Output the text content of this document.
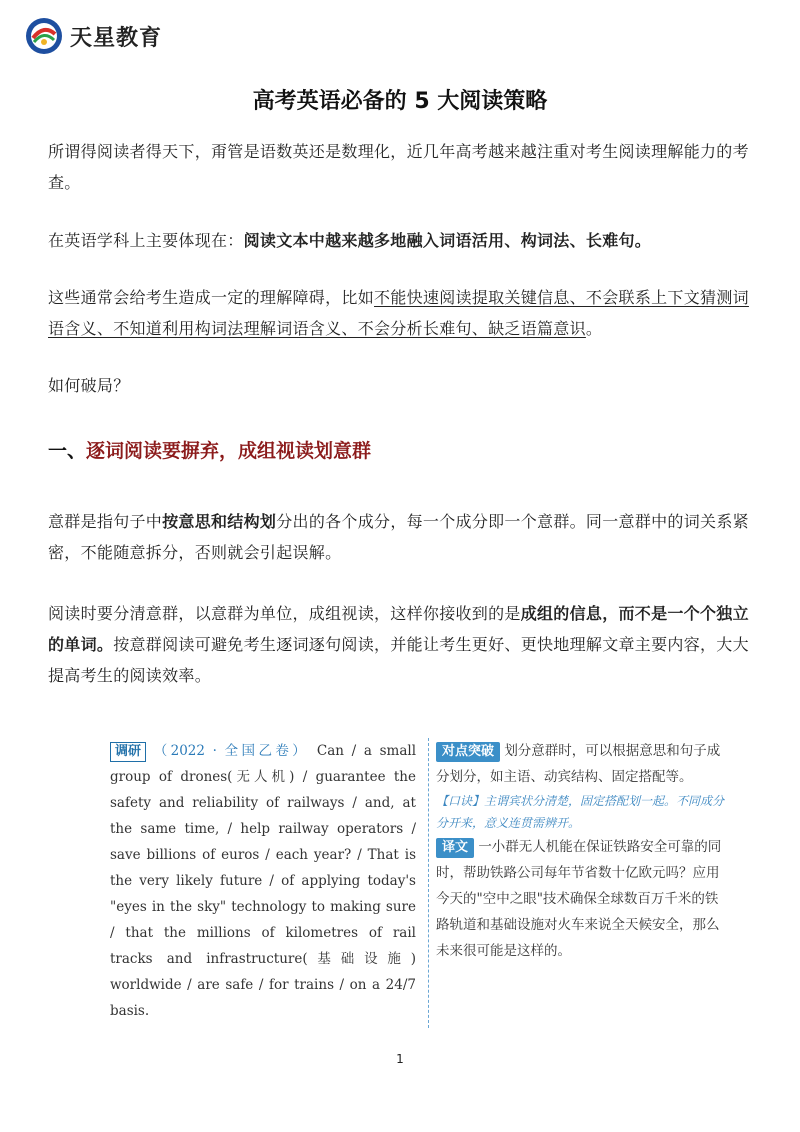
天星教育
高考英语必备的 5 大阅读策略
所谓得阅读者得天下，甭管是语数英还是数理化，近几年高考越来越注重对考生阅读理解能力的考查。
在英语学科上主要体现在：阅读文本中越来越多地融入词语活用、构词法、长难句。
这些通常会给考生造成一定的理解障碍，比如不能快速阅读提取关键信息、不会联系上下文猜测词语含义、不知道利用构词法理解词语含义、不会分析长难句、缺乏语篇意识。
如何破局？
一、逐词阅读要摒弃，成组视读划意群
意群是指句子中按意思和结构划分出的各个成分，每一个成分即一个意群。同一意群中的词关系紧密，不能随意拆分，否则就会引起误解。
阅读时要分清意群，以意群为单位，成组视读，这样你接收到的是成组的信息，而不是一个个独立的单词。按意群阅读可避免考生逐词逐句阅读，并能让考生更好、更快地理解文章主要内容，大大提高考生的阅读效率。
调研 （2022 · 全国乙卷） Can / a small group of drones(无人机) / guarantee the safety and reliability of railways / and, at the same time, / help railway operators / save billions of euros / each year? / That is the very likely future / of applying today's "eyes in the sky" technology to making sure / that the millions of kilometres of rail tracks and infrastructure(基础设施) worldwide / are safe / for trains / on a 24/7 basis.
对点突破 划分意群时，可以根据意思和句子成分划分，如主语、动宾结构、固定搭配等。
【口诀】主谓宾状分清楚，固定搭配划一起。不同成分分开来，意义连贯需辨开。
译文 一小群无人机能在保证铁路安全可靠的同时，帮助铁路公司每年节省数十亿欧元吗？应用今天的"空中之眼"技术确保全球数百万千米的铁路轨道和基础设施对火车来说全天候安全，那么未来很可能是这样的。
1
